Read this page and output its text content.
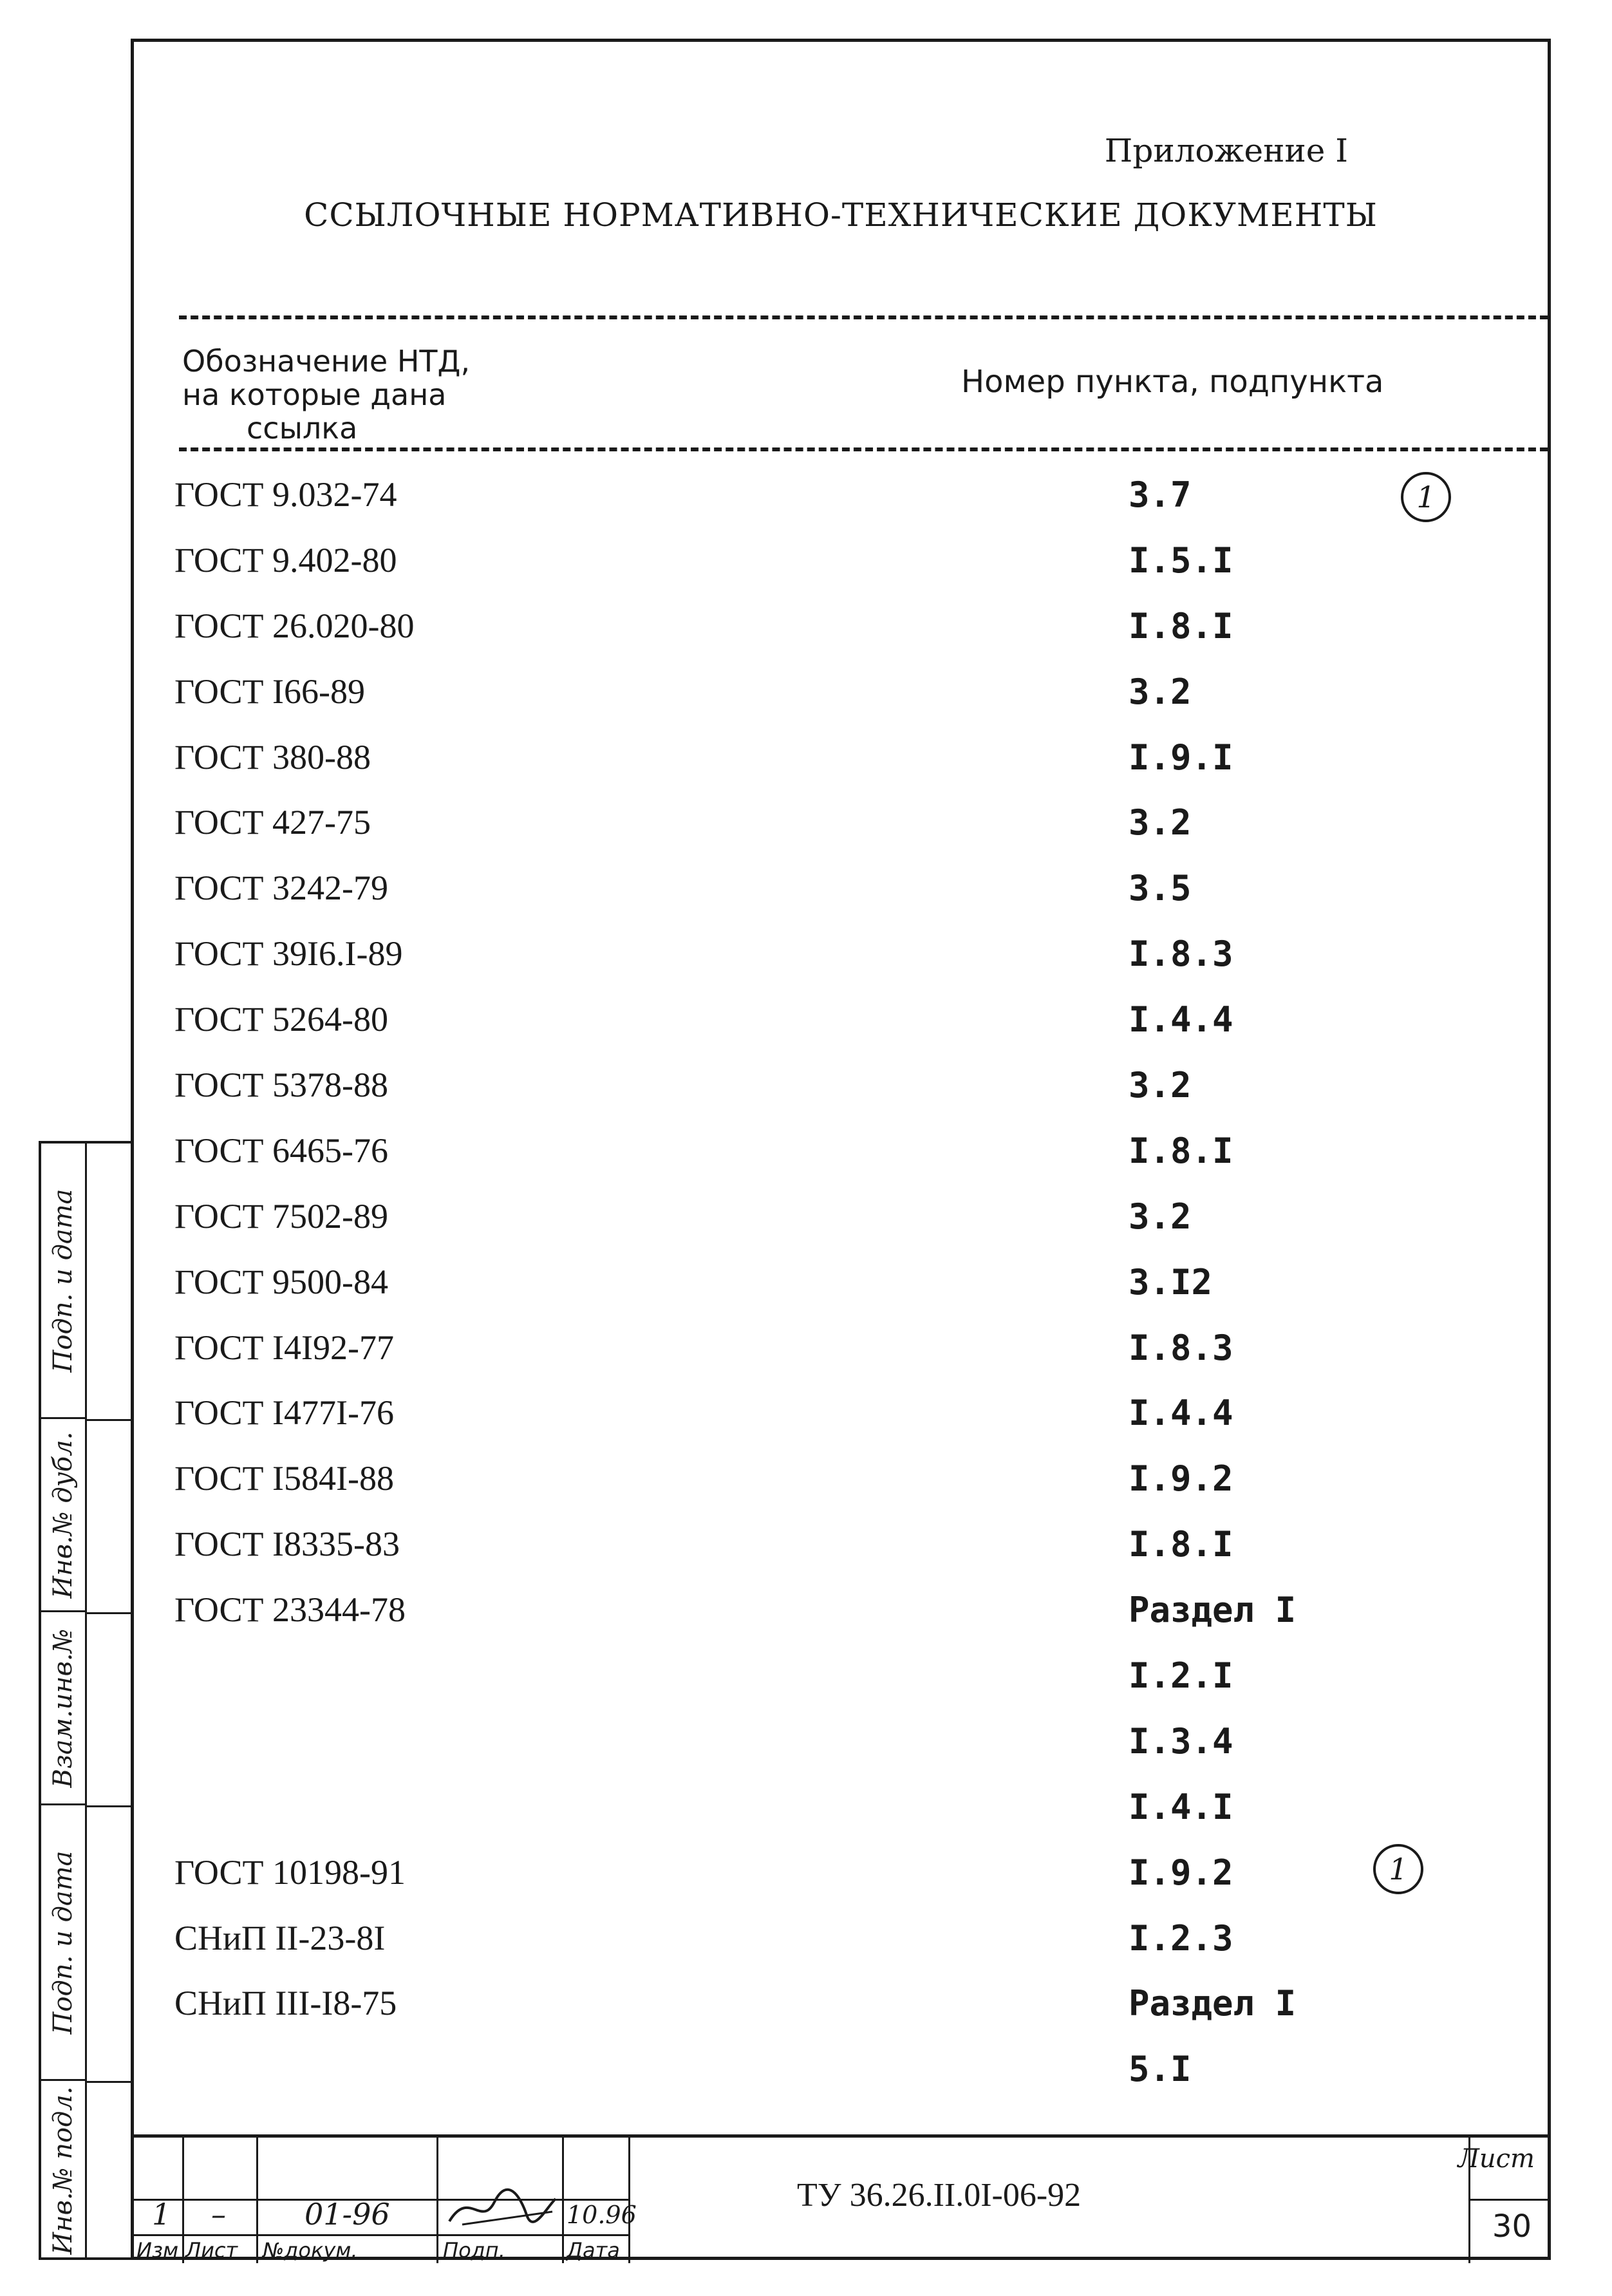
Приложение I
ССЫЛОЧНЫЕ НОРМАТИВНО-ТЕХНИЧЕСКИЕ ДОКУМЕНТЫ
Обозначение НТД,
на которые дана
ссылка
Номер пункта, подпункта
ГОСТ 9.032-74	3.7
ГОСТ 9.402-80	I.5.I
ГОСТ 26.020-80	I.8.I
ГОСТ I66-89	3.2
ГОСТ 380-88	I.9.I
ГОСТ 427-75	3.2
ГОСТ 3242-79	3.5
ГОСТ 39I6.I-89	I.8.3
ГОСТ 5264-80	I.4.4
ГОСТ 5378-88	3.2
ГОСТ 6465-76	I.8.I
ГОСТ 7502-89	3.2
ГОСТ 9500-84	3.I2
ГОСТ I4I92-77	I.8.3
ГОСТ I477I-76	I.4.4
ГОСТ I584I-88	I.9.2
ГОСТ I8335-83	I.8.I
ГОСТ 23344-78	Раздел I
I.2.I
I.3.4
I.4.I
ГОСТ 10198-91	I.9.2
СНиП II-23-8I	I.2.3
СНиП III-I8-75	Раздел I
5.I
1
1
1 –	01-96	10.96
Изм Лист №докум.	Подп.	Дата
ТУ 36.26.II.0I-06-92
Лист
30
Подп. и дата
Инв.№ дубл.
Взам.инв.№
Подп. и дата
Инв.№ подл.
